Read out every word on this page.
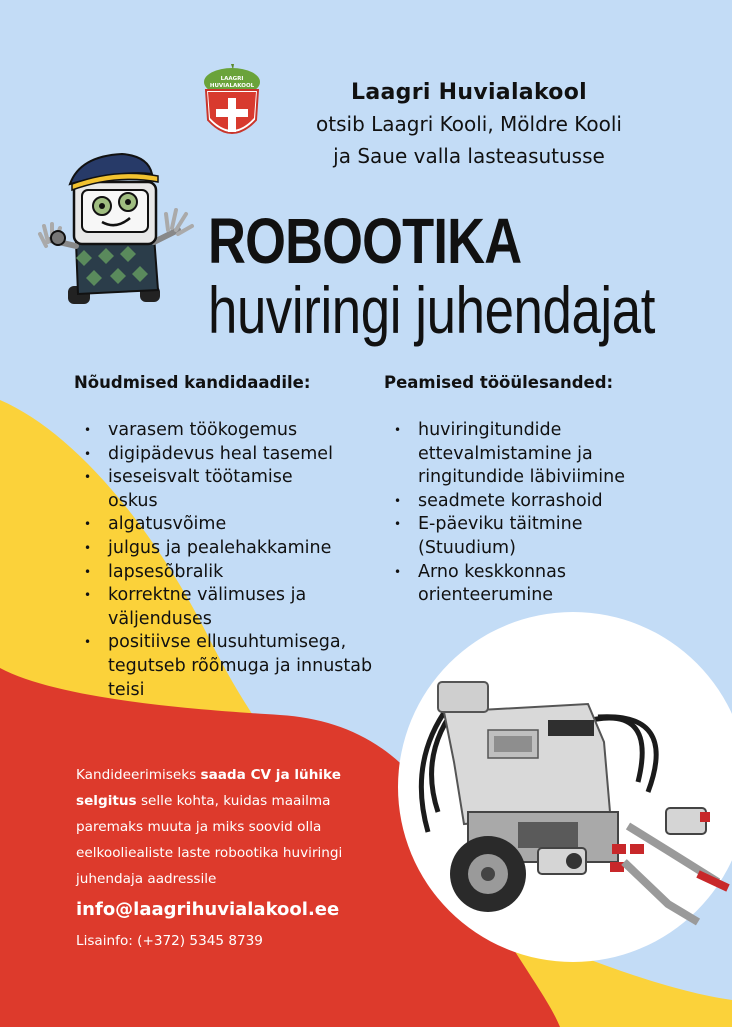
LAAGRI
HUVIALAKOOL	Laagri Huvialakool
otsib Laagri Kooli, Möldre Kooli
ja Saue valla lasteasutusse
ROBOOTIKA
huviringi juhendajat
Nõudmised kandidaadile:	Peamised tööülesanded:
• varasem töökogemus
• digipädevus heal tasemel
• iseseisvalt töötamise oskus
• algatusvõime
• julgus ja pealehakkamine
• lapsesõbralik
• korrektne välimuses ja väljenduses
• positiivse ellusuhtumisega, tegutseb rõõmuga ja innustab teisi
• huviringitundide ettevalmistamine ja ringitundide läbiviimine
• seadmete korrashoid
• E-päeviku täitmine (Stuudium)
• Arno keskkonnas orienteerumine
Kandideerimiseks saada CV ja lühike selgitus selle kohta, kuidas maailma paremaks muuta ja miks soovid olla eelkooliealiste laste robootika huviringi juhendaja aadressile
info@laagrihuvialakool.ee
Lisainfo: (+372) 5345 8739
